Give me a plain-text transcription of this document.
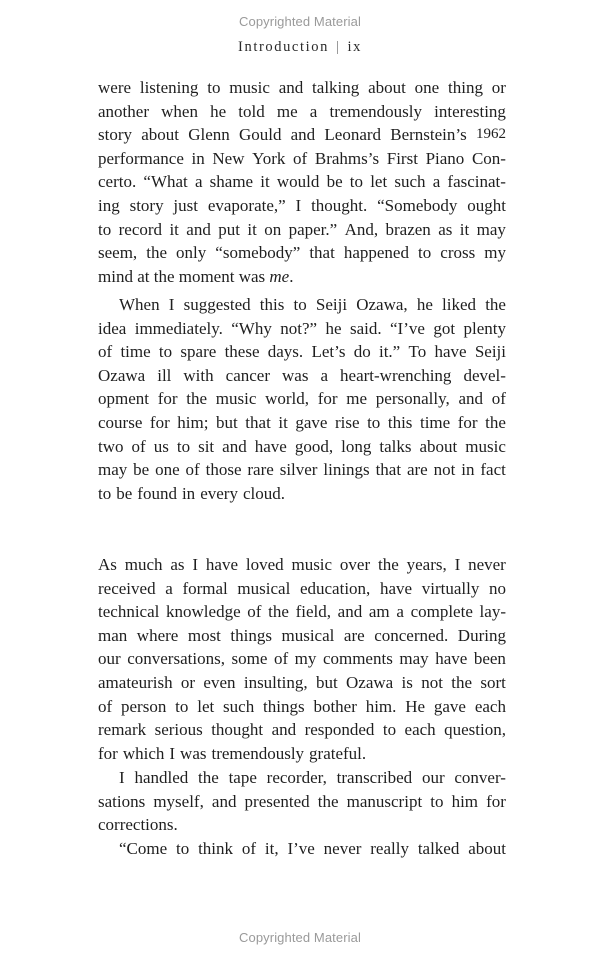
Copyrighted Material
Introduction | ix
were listening to music and talking about one thing or
another when he told me a tremendously interesting
story about Glenn Gould and Leonard Bernstein’s 1962
performance in New York of Brahms’s First Piano Con-
certo. “What a shame it would be to let such a fascinat-
ing story just evaporate,” I thought. “Somebody ought
to record it and put it on paper.” And, brazen as it may
seem, the only “somebody” that happened to cross my
mind at the moment was
me .
When I suggested this to Seiji Ozawa, he liked the
idea immediately. “Why not?” he said. “I’ve got plenty
of time to spare these days. Let’s do it.” To have Seiji
Ozawa ill with cancer was a heart-wrenching devel-
opment for the music world, for me personally, and of
course for him; but that it gave rise to this time for the
two of us to sit and have good, long talks about music
may be one of those rare silver linings that are not in fact
to be found in every cloud.
As much as I have loved music over the years, I never
received a formal musical education, have virtually no
technical knowledge of the field, and am a complete lay-
man where most things musical are concerned. During
our conversations, some of my comments may have been
amateurish or even insulting, but Ozawa is not the sort
of person to let such things bother him. He gave each
remark serious thought and responded to each question,
for which I was tremendously grateful.
I handled the tape recorder, transcribed our conver-
sations myself, and presented the manuscript to him for
corrections.
“Come to think of it, I’ve never really talked about
Copyrighted Material
